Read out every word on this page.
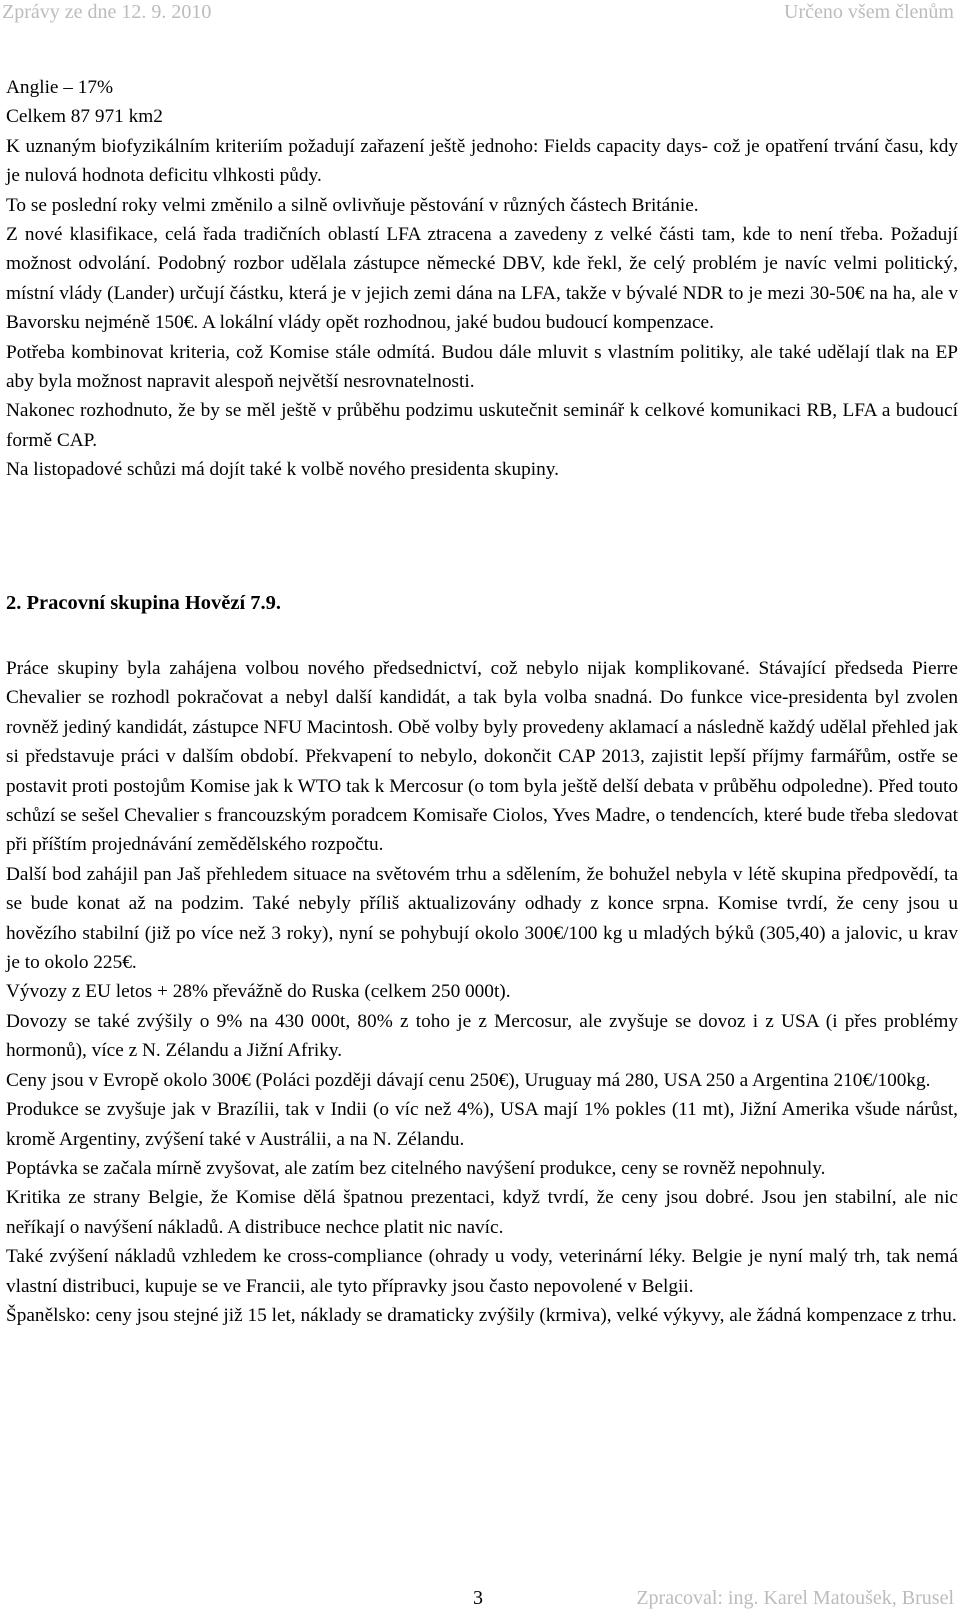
Zprávy ze dne 12. 9. 2010	Určeno všem členům

Anglie – 17%

Celkem 87 971 km2

K uznaným biofyzikálním kriteriím požadují zařazení ještě jednoho: Fields capacity days- což je opatření trvání času, kdy je nulová hodnota deficitu vlhkosti půdy.

To se poslední roky velmi změnilo a silně ovlivňuje pěstování v různých částech Británie.

Z nové klasifikace, celá řada tradičních oblastí LFA ztracena a zavedeny z velké části tam, kde to není třeba. Požadují možnost odvolání. Podobný rozbor udělala zástupce německé DBV, kde řekl, že celý problém je navíc velmi politický, místní vlády (Lander) určují částku, která je v jejich zemi dána na LFA, takže v bývalé NDR to je mezi 30-50€ na ha, ale v Bavorsku nejméně 150€. A lokální vlády opět rozhodnou, jaké budou budoucí kompenzace.

Potřeba kombinovat kriteria, což Komise stále odmítá. Budou dále mluvit s vlastním politiky, ale také udělají tlak na EP aby byla možnost napravit alespoň největší nesrovnatelnosti.

Nakonec rozhodnuto, že by se měl ještě v průběhu podzimu uskutečnit seminář k celkové komunikaci RB, LFA a budoucí formě CAP.

Na listopadové schůzi má dojít také k volbě nového presidenta skupiny.

2. Pracovní skupina Hovězí 7.9.

Práce skupiny byla zahájena volbou nového předsednictví, což nebylo nijak komplikované. Stávající předseda Pierre Chevalier se rozhodl pokračovat a nebyl další kandidát, a tak byla volba snadná. Do funkce vice-presidenta byl zvolen rovněž jediný kandidát, zástupce NFU Macintosh. Obě volby byly provedeny aklamací a následně každý udělal přehled jak si představuje práci v dalším období. Překvapení to nebylo, dokončit CAP 2013, zajistit lepší příjmy farmářům, ostře se postavit proti postojům Komise jak k WTO tak k Mercosur (o tom byla ještě delší debata v průběhu odpoledne). Před touto schůzí se sešel Chevalier s francouzským poradcem Komisaře Ciolos, Yves Madre, o tendencích, které bude třeba sledovat při příštím projednávání zemědělského rozpočtu.

Další bod zahájil pan Jaš přehledem situace na světovém trhu a sdělením, že bohužel nebyla v létě skupina předpovědí, ta se bude konat až na podzim. Také nebyly příliš aktualizovány odhady z konce srpna. Komise tvrdí, že ceny jsou u hovězího stabilní (již po více než 3 roky), nyní se pohybují okolo 300€/100 kg u mladých býků (305,40) a jalovic, u krav je to okolo 225€.

Vývozy z EU letos + 28% převážně do Ruska (celkem 250 000t).

Dovozy se také zvýšily o 9% na 430 000t, 80% z toho je z Mercosur, ale zvyšuje se dovoz i z USA (i přes problémy hormonů), více z N. Zélandu a Jižní Afriky.

Ceny jsou v Evropě okolo 300€ (Poláci později dávají cenu 250€), Uruguay má 280, USA 250 a Argentina 210€/100kg.

Produkce se zvyšuje jak v Brazílii, tak v Indii (o víc než 4%), USA mají 1% pokles (11 mt), Jižní Amerika všude nárůst, kromě Argentiny, zvýšení také v Austrálii, a na N. Zélandu.

Poptávka se začala mírně zvyšovat, ale zatím bez citelného navýšení produkce, ceny se rovněž nepohnuly.

Kritika ze strany Belgie, že Komise dělá špatnou prezentaci, když tvrdí, že ceny jsou dobré. Jsou jen stabilní, ale nic neříkají o navýšení nákladů. A distribuce nechce platit nic navíc.

Také zvýšení nákladů vzhledem ke cross-compliance (ohrady u vody, veterinární léky. Belgie je nyní malý trh, tak nemá vlastní distribuci, kupuje se ve Francii, ale tyto přípravky jsou často nepovolené v Belgii.

Španělsko: ceny jsou stejné již 15 let, náklady se dramaticky zvýšily (krmiva), velké výkyvy, ale žádná kompenzace z trhu.

3	Zpracoval: ing. Karel Matoušek, Brusel
